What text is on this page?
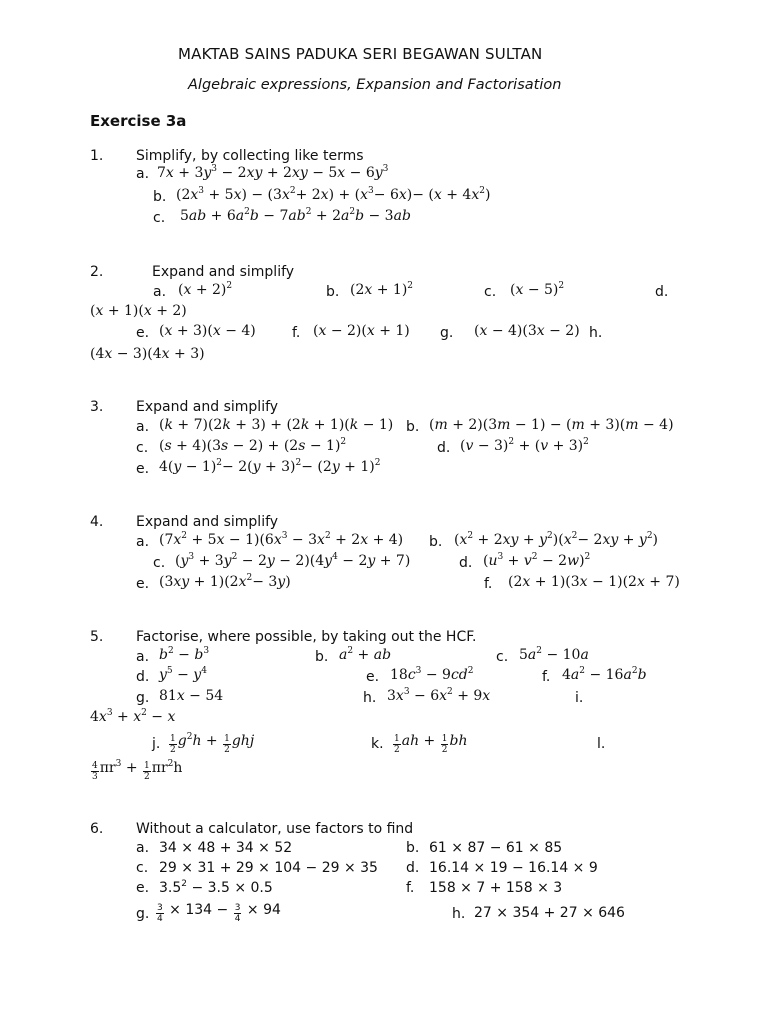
MAKTAB SAINS PADUKA SERI BEGAWAN SULTAN
Algebraic expressions, Expansion and Factorisation
Exercise 3a
1. Simplify, by collecting like terms
a. $7x + 3y^3 - 2xy + 2xy - 5x - 6y^3$
b. $(2x^3 + 5x) - (3x^2+ 2x) + (x^3- 6x)- (x + 4x^2)$
c. $5ab + 6a^2b - 7ab^2 + 2a^2b - 3ab$
2.	Expand and simplify
a. $(x + 2)^2$	b. $(2x + 1)^2$	c. $(x - 5)^2$	d.
(x + 1)(x + 2)
e. (x + 3)(x − 4)	f. (x − 2)(x + 1) g. (x − 4)(3x − 2) h.
(4x − 3)(4x + 3)
3. Expand and simplify
a. (k + 7)(2k + 3) + (2k + 1)(k − 1) b. (m + 2)(3m − 1) − (m + 3)(m − 4)
c. $(s + 4)(3s - 2) + (2s - 1)^2$	d. $(v - 3)^2 + (v + 3)^2$
e. $4(y - 1)^2- 2(y + 3)^2- (2y + 1)^2$
4. Expand and simplify
a. $(7x^2 + 5x - 1)(6x^3 - 3x^2 + 2x + 4)$ b. $(x^2 + 2xy + y^2)(x^2- 2xy + y^2)$
c. $(y^3 + 3y^2 - 2y - 2)(4y^4 - 2y + 7)$	d. $(u^3 + v^2 - 2w)^2$
e. $(3xy + 1)(2x^2- 3y)$	f. (2x + 1)(3x − 1)(2x + 7)
5. Factorise, where possible, by taking out the HCF.
a. $b^2 - b^3$	b. $a^2$ + ab	c. $5a^2 - 10a$
d. $y^5 - y^4$	e. $18c^3 - 9cd^2$	f. $4a^2 - 16a^2b$
g. 81x − 54	h. $3x^3 - 6x^2 + 9x$	i.
$4x^3 + x^2 - x$
j. $\frac{1}{2} g^2h + \frac{1}{2}$ ghj	k. $\frac{1}{2}$ ah + $\frac{1}{2}$ bh	l.
$\frac{4}{3} \pi r^3 + \frac{1}{2} \pi r^2h$
6. Without a calculator, use factors to find
a. 34 × 48 + 34 × 52	b. 61 × 87 − 61 × 85
c. 29 × 31 + 29 × 104 − 29 × 35 d. 16.14 × 19 − 16.14 × 9
e. $3.5^2 - 3.5 \times 0.5$	f. 158 × 7 + 158 × 3
g. $\frac{3}{4} \times 134 - \frac{3}{4} \times 94$	h. 27 × 354 + 27 × 646
